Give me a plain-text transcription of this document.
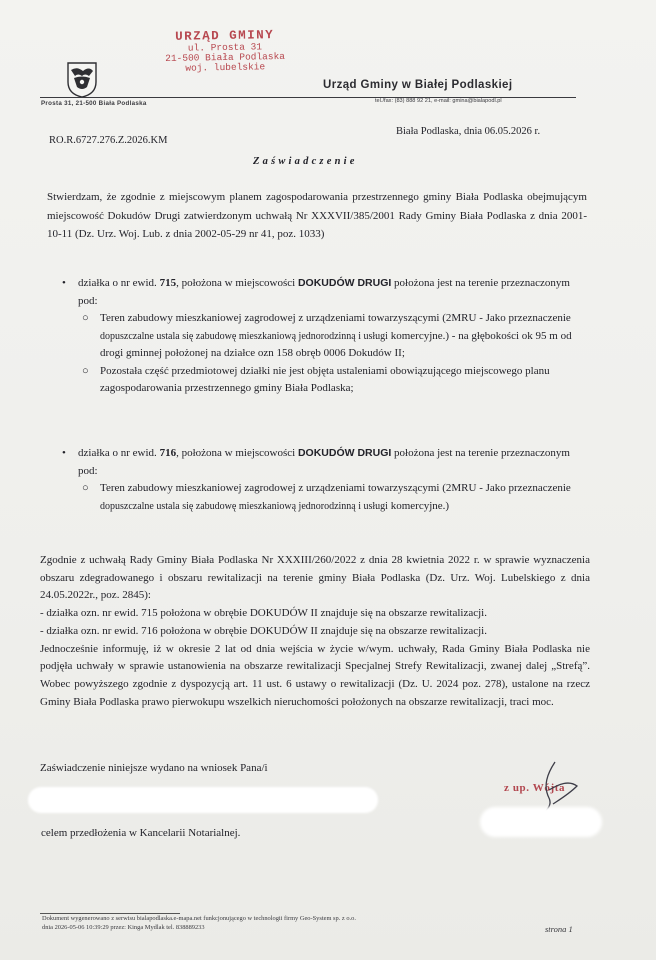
URZĄD GMINY
ul. Prosta 31
21-500 Biała Podlaska
woj. lubelskie
Urząd Gminy w Białej Podlaskiej
Prosta 31, 21-500 Biała Podlaska	tel./fax: (83) 888 92 21, e-mail: gmina@bialapodl.pl
RO.R.6727.276.Z.2026.KM
Biała Podlaska, dnia 06.05.2026 r.
Zaświadczenie
Stwierdzam, że zgodnie z miejscowym planem zagospodarowania przestrzennego gminy Biała Podlaska obejmującym miejscowość Dokudów Drugi zatwierdzonym uchwałą Nr XXXVII/385/2001 Rady Gminy Biała Podlaska z dnia 2001-10-11 (Dz. Urz. Woj. Lub. z dnia 2002-05-29 nr 41, poz. 1033)
• działka o nr ewid. 715, położona w miejscowości DOKUDÓW DRUGI położona jest na terenie przeznaczonym pod:
○ Teren zabudowy mieszkaniowej zagrodowej z urządzeniami towarzyszącymi (2MRU - Jako przeznaczenie dopuszczalne ustala się zabudowę mieszkaniową jednorodzinną i usługi komercyjne.) - na głębokości ok 95 m od drogi gminnej położonej na działce ozn 158 obręb 0006 Dokudów II;
○ Pozostała część przedmiotowej działki nie jest objęta ustaleniami obowiązującego miejscowego planu zagospodarowania przestrzennego gminy Biała Podlaska;
• działka o nr ewid. 716, położona w miejscowości DOKUDÓW DRUGI położona jest na terenie przeznaczonym pod:
○ Teren zabudowy mieszkaniowej zagrodowej z urządzeniami towarzyszącymi (2MRU - Jako przeznaczenie dopuszczalne ustala się zabudowę mieszkaniową jednorodzinną i usługi komercyjne.)
Zgodnie z uchwałą Rady Gminy Biała Podlaska Nr XXXIII/260/2022 z dnia 28 kwietnia 2022 r. w sprawie wyznaczenia obszaru zdegradowanego i obszaru rewitalizacji na terenie gminy Biała Podlaska (Dz. Urz. Woj. Lubelskiego z dnia 24.05.2022r., poz. 2845):
- działka ozn. nr ewid. 715 położona w obrębie DOKUDÓW II znajduje się na obszarze rewitalizacji.
- działka ozn. nr ewid. 716 położona w obrębie DOKUDÓW II znajduje się na obszarze rewitalizacji.
Jednocześnie informuję, iż w okresie 2 lat od dnia wejścia w życie w/wym. uchwały, Rada Gminy Biała Podlaska nie podjęła uchwały w sprawie ustanowienia na obszarze rewitalizacji Specjalnej Strefy Rewitalizacji, zwanej dalej „Strefą”. Wobec powyższego zgodnie z dyspozycją art. 11 ust. 6 ustawy o rewitalizacji (Dz. U. 2024 poz. 278), ustalone na rzecz Gminy Biała Podlaska prawo pierwokupu wszelkich nieruchomości położonych na obszarze rewitalizacji, traci moc.
Zaświadczenie niniejsze wydano na wniosek Pana/i
z up. Wójta
celem przedłożenia w Kancelarii Notarialnej.
Dokument wygenerowano z serwisu bialapodlaska.e-mapa.net funkcjonującego w technologii firmy Geo-System sp. z o.o.
dnia 2026-05-06 10:39:29 przez: Kinga Mydlak tel. 838889233	strona 1
